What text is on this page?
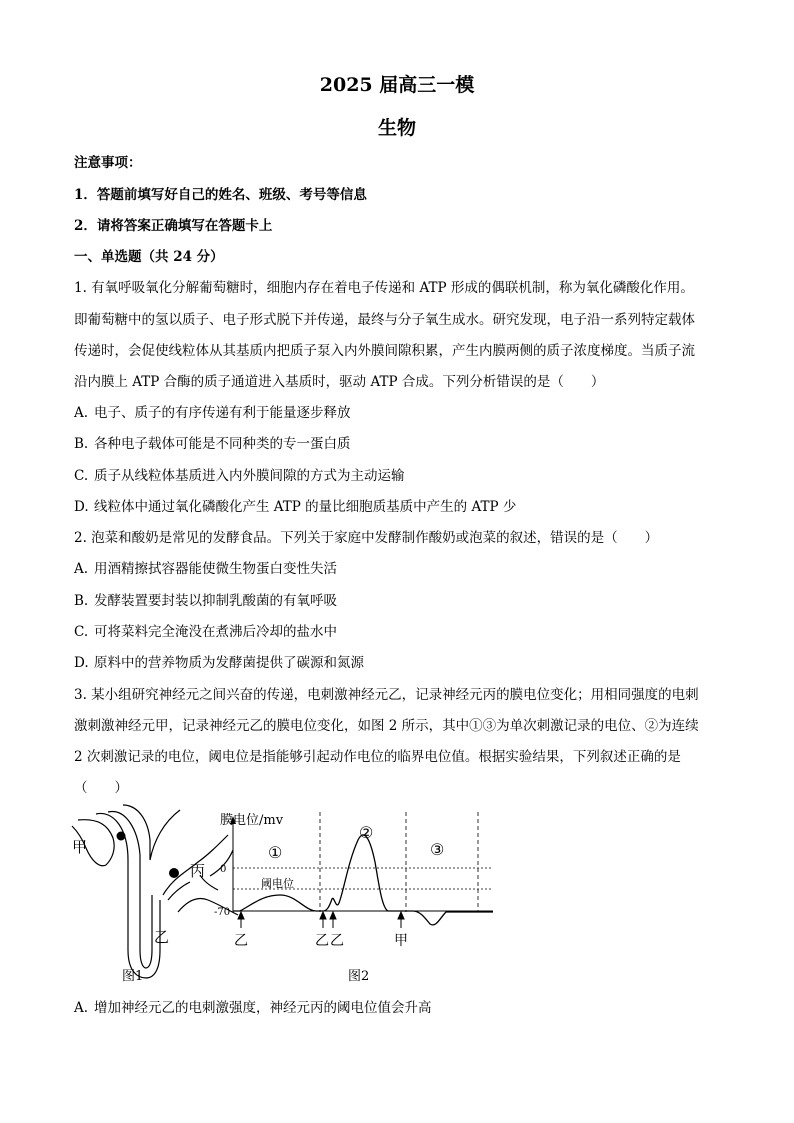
2025 届高三一模
生物
注意事项：
1．答题前填写好自己的姓名、班级、考号等信息
2．请将答案正确填写在答题卡上
一、单选题（共 24 分）
1. 有氧呼吸氧化分解葡萄糖时，细胞内存在着电子传递和 ATP 形成的偶联机制，称为氧化磷酸化作用。
即葡萄糖中的氢以质子、电子形式脱下并传递，最终与分子氧生成水。研究发现，电子沿一系列特定载体
传递时，会促使线粒体从其基质内把质子泵入内外膜间隙积累，产生内膜两侧的质子浓度梯度。当质子流
沿内膜上 ATP 合酶的质子通道进入基质时，驱动 ATP 合成。下列分析错误的是（　　）
A. 电子、质子的有序传递有利于能量逐步释放
B. 各种电子载体可能是不同种类的专一蛋白质
C. 质子从线粒体基质进入内外膜间隙的方式为主动运输
D. 线粒体中通过氧化磷酸化产生 ATP 的量比细胞质基质中产生的 ATP 少
2. 泡菜和酸奶是常见的发酵食品。下列关于家庭中发酵制作酸奶或泡菜的叙述，错误的是（　　）
A. 用酒精擦拭容器能使微生物蛋白变性失活
B. 发酵装置要封装以抑制乳酸菌的有氧呼吸
C. 可将菜料完全淹没在煮沸后冷却的盐水中
D. 原料中的营养物质为发酵菌提供了碳源和氮源
3. 某小组研究神经元之间兴奋的传递，电刺激神经元乙，记录神经元丙的膜电位变化；用相同强度的电刺
激刺激神经元甲，记录神经元乙的膜电位变化，如图 2 所示，其中①③为单次刺激记录的电位、②为连续
2 次刺激记录的电位，阈电位是指能够引起动作电位的临界电位值。根据实验结果，下列叙述正确的是
（　　）
甲
丙
乙
图1
膜电位/mv
0
-70
阈电位
①
②
③
乙	乙 乙	甲
图2
A. 增加神经元乙的电刺激强度，神经元丙的阈电位值会升高
